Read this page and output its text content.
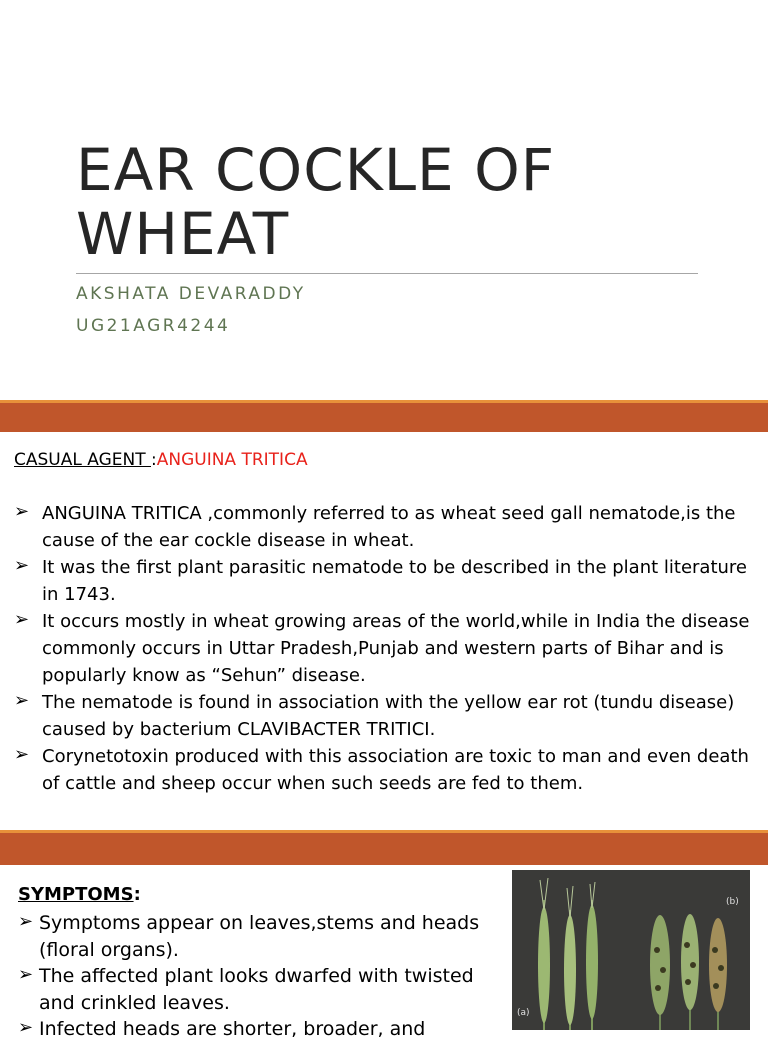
EAR COCKLE OF
WHEAT
AKSHATA DEVARADDY
UG21AGR4244
CASUAL AGENT :ANGUINA TRITICA
➢ ANGUINA TRITICA ,commonly referred to as wheat seed gall nematode,is the cause of the ear cockle disease in wheat.
➢ It was the first plant parasitic nematode to be described in the plant literature in 1743.
➢ It occurs mostly in wheat growing areas of the world,while in India the disease commonly occurs in Uttar Pradesh,Punjab and western parts of Bihar and is popularly know as “Sehun” disease.
➢ The nematode is found in association with the yellow ear rot (tundu disease) caused by bacterium CLAVIBACTER TRITICI.
➢ Corynetotoxin produced with this association are toxic to man and even death of cattle and sheep occur when such seeds are fed to them.
SYMPTOMS:
➢ Symptoms appear on leaves,stems and heads (floral organs).
➢ The affected plant looks dwarfed with twisted and crinkled leaves.
➢ Infected heads are shorter, broader, and
(a)
(b)
